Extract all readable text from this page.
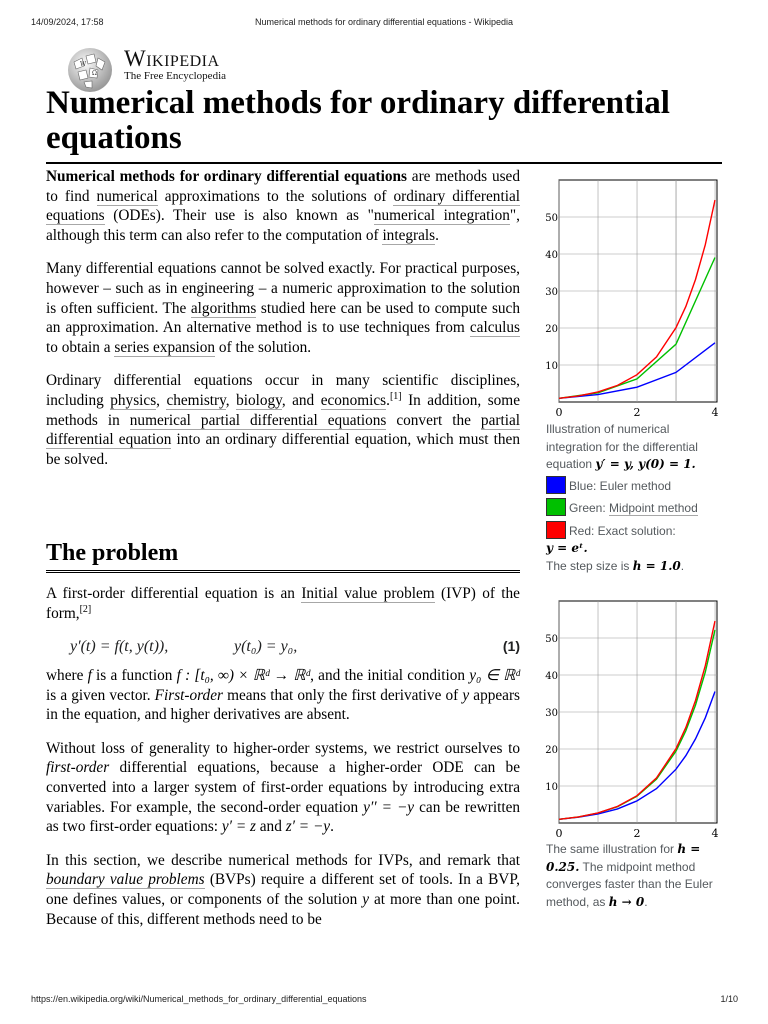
14/09/2024, 17:58	Numerical methods for ordinary differential equations - Wikipedia
https://en.wikipedia.org/wiki/Numerical_methods_for_ordinary_differential_equations	1/10
W
Ω
Wikipedia
The Free Encyclopedia
Numerical methods for ordinary differential equations

Numerical methods for ordinary differential equations are methods used to find numerical approximations to the solutions of ordinary differential equations (ODEs). Their use is also known as "numerical integration", although this term can also refer to the computation of integrals.

Many differential equations cannot be solved exactly. For practical purposes, however – such as in engineering – a numeric approximation to the solution is often sufficient. The algorithms studied here can be used to compute such an approximation. An alternative method is to use techniques from calculus to obtain a series expansion of the solution.

Ordinary differential equations occur in many scientific disciplines, including physics, chemistry, biology, and economics.[1] In addition, some methods in numerical partial differential equations convert the partial differential equation into an ordinary differential equation, which must then be solved.

The problem

A first-order differential equation is an Initial value problem (IVP) of the form,[2]

y′(t) = f(t, y(t)),	y(t₀) = y₀,	(1)

where f is a function f : [t₀, ∞) × ℝᵈ → ℝᵈ, and the initial condition y₀ ∈ ℝᵈ is a given vector. First-order means that only the first derivative of y appears in the equation, and higher derivatives are absent.

Without loss of generality to higher-order systems, we restrict ourselves to first-order differential equations, because a higher-order ODE can be converted into a larger system of first-order equations by introducing extra variables. For example, the second-order equation y′′ = −y can be rewritten as two first-order equations: y′ = z and z′ = −y.

In this section, we describe numerical methods for IVPs, and remark that boundary value problems (BVPs) require a different set of tools. In a BVP, one defines values, or components of the solution y at more than one point. Because of this, different methods need to be

0	2	4
10
20
30
40
50
Illustration of numerical integration for the differential equation y′ = y, y(0) = 1.
Blue: Euler method
Green: Midpoint method
Red: Exact solution:
y = eᵗ.
The step size is h = 1.0.
0	2	4
10
20
30
40
50
The same illustration for h = 0.25. The midpoint method converges faster than the Euler method, as h → 0.
